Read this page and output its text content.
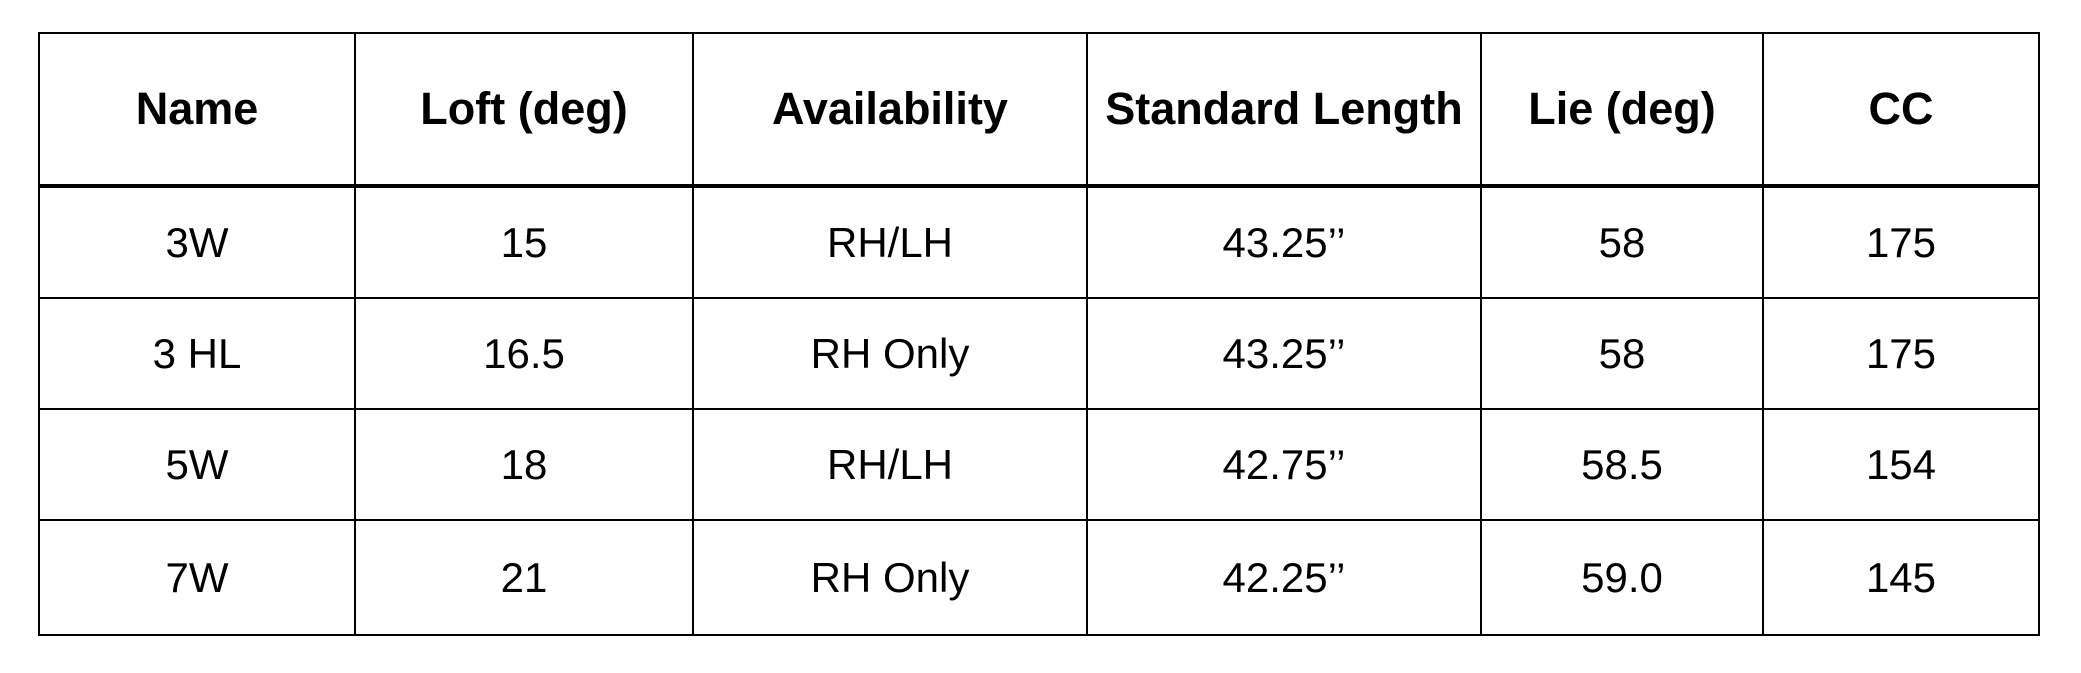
Name	Loft (deg)	Availability	Standard Length	Lie (deg)	CC
3W	15	RH/LH	43.25’’	58	175
3 HL	16.5	RH Only	43.25’’	58	175
5W	18	RH/LH	42.75’’	58.5	154
7W	21	RH Only	42.25’’	59.0	145
